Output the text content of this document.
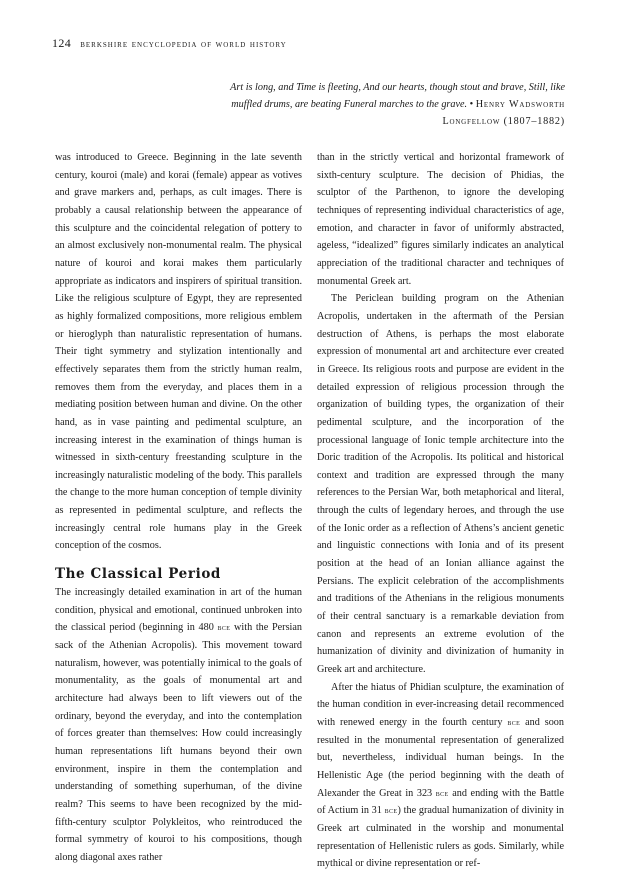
124 berkshire encyclopedia of world history
Art is long, and Time is fleeting, And our hearts, though stout and brave, Still, like muffled drums, are beating Funeral marches to the grave. • Henry Wadsworth Longfellow (1807–1882)

was introduced to Greece. Beginning in the late seventh century, kouroi (male) and korai (female) appear as votives and grave markers and, perhaps, as cult images. There is probably a causal relationship between the appearance of this sculpture and the coincidental relegation of pottery to an almost exclusively non-monumental realm. The physical nature of kouroi and korai makes them particularly appropriate as indicators and inspirers of spiritual transition. Like the religious sculpture of Egypt, they are represented as highly formalized compositions, more religious emblem or hieroglyph than naturalistic representation of humans. Their tight symmetry and stylization intentionally and effectively separates them from the strictly human realm, removes them from the everyday, and places them in a mediating position between human and divine. On the other hand, as in vase painting and pedimental sculpture, an increasing interest in the examination of things human is witnessed in sixth-century freestanding sculpture in the increasingly naturalistic modeling of the body. This parallels the change to the more human conception of temple divinity as represented in pedimental sculpture, and reflects the increasingly central role humans play in the Greek conception of the cosmos.

The Classical Period

The increasingly detailed examination in art of the human condition, physical and emotional, continued unbroken into the classical period (beginning in 480 bce with the Persian sack of the Athenian Acropolis). This movement toward naturalism, however, was potentially inimical to the goals of monumentality, as the goals of monumental art and architecture had always been to lift viewers out of the ordinary, beyond the everyday, and into the contemplation of forces greater than themselves: How could increasingly human representations lift humans beyond their own environment, inspire in them the contemplation and understanding of something superhuman, of the divine realm? This seems to have been recognized by the mid-fifth-century sculptor Polykleitos, who reintroduced the formal symmetry of kouroi to his compositions, though along diagonal axes rather

than in the strictly vertical and horizontal framework of sixth-century sculpture. The decision of Phidias, the sculptor of the Parthenon, to ignore the developing techniques of representing individual characteristics of age, emotion, and character in favor of uniformly abstracted, ageless, “idealized” figures similarly indicates an analytical appreciation of the traditional character and techniques of monumental Greek art.

The Periclean building program on the Athenian Acropolis, undertaken in the aftermath of the Persian destruction of Athens, is perhaps the most elaborate expression of monumental art and architecture ever created in Greece. Its religious roots and purpose are evident in the detailed expression of religious procession through the organization of building types, the organization of their pedimental sculpture, and the incorporation of the processional language of Ionic temple architecture into the Doric tradition of the Acropolis. Its political and historical context and tradition are expressed through the many references to the Persian War, both metaphorical and literal, through the cults of legendary heroes, and through the use of the Ionic order as a reflection of Athens’s ancient genetic and linguistic connections with Ionia and of its present position at the head of an Ionian alliance against the Persians. The explicit celebration of the accomplishments and traditions of the Athenians in the religious monuments of their central sanctuary is a remarkable deviation from canon and represents an extreme evolution of the humanization of divinity and divinization of humanity in Greek art and architecture.

After the hiatus of Phidian sculpture, the examination of the human condition in ever-increasing detail recommenced with renewed energy in the fourth century bce and soon resulted in the monumental representation of generalized but, nevertheless, individual human beings. In the Hellenistic Age (the period beginning with the death of Alexander the Great in 323 bce and ending with the Battle of Actium in 31 bce) the gradual humanization of divinity in Greek art culminated in the worship and monumental representation of Hellenistic rulers as gods. Similarly, while mythical or divine representation or ref-
